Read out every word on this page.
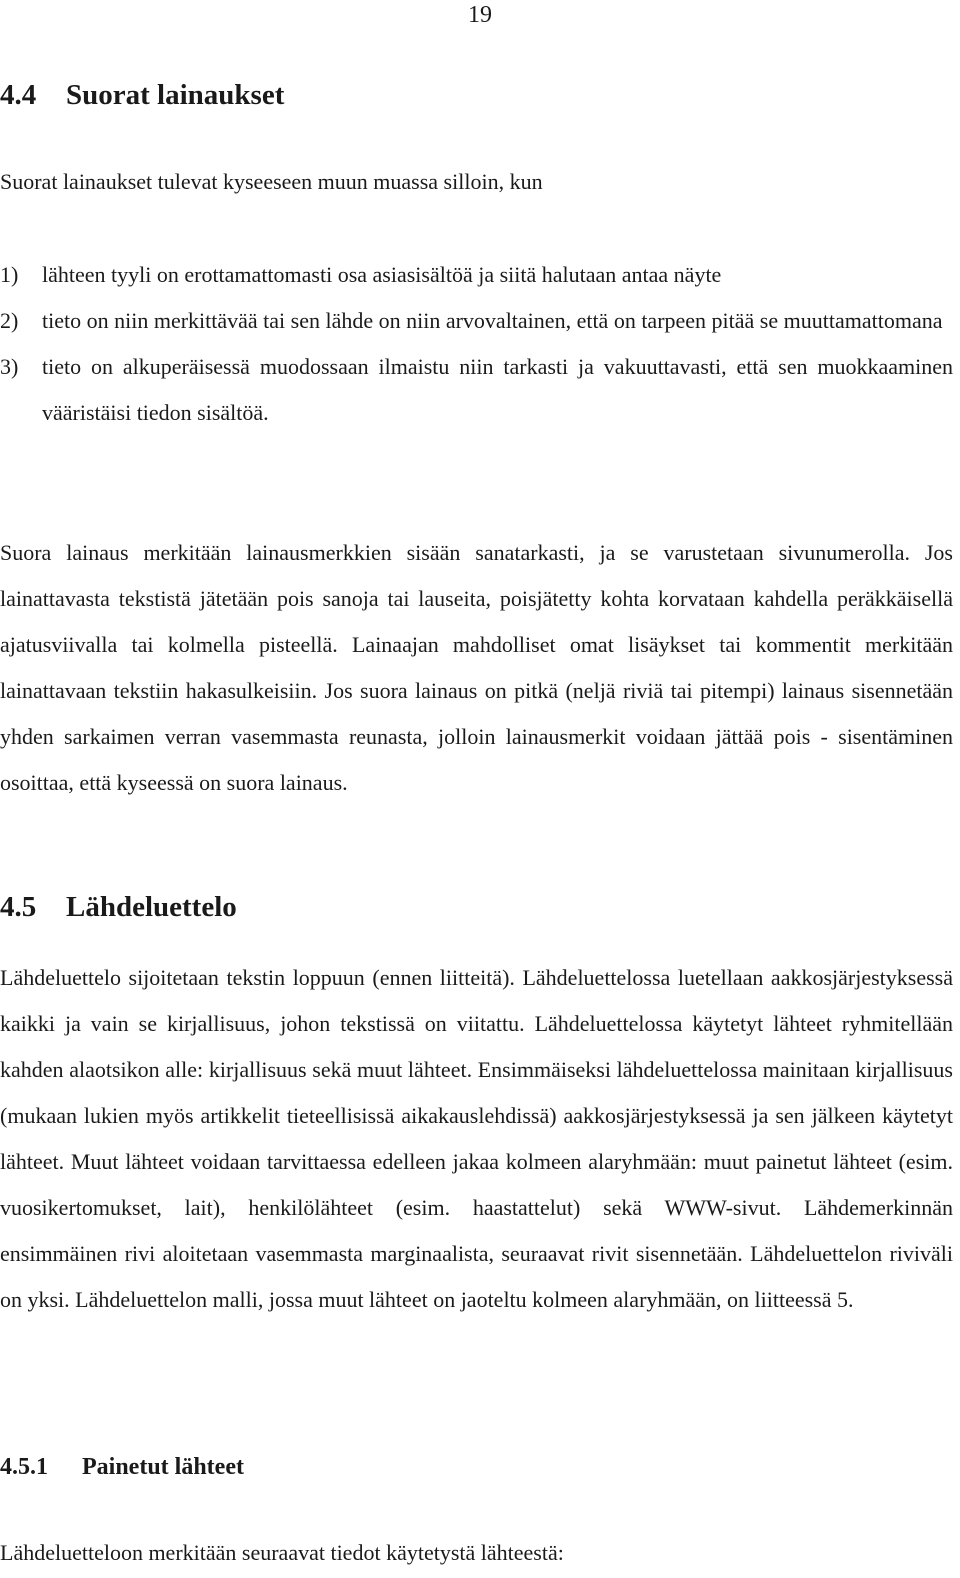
19
4.4 Suorat lainaukset
Suorat lainaukset tulevat kyseeseen muun muassa silloin, kun
1) lähteen tyyli on erottamattomasti osa asiasisältöä ja siitä halutaan antaa näyte
2) tieto on niin merkittävää tai sen lähde on niin arvovaltainen, että on tarpeen pitää se muuttamattomana
3) tieto on alkuperäisessä muodossaan ilmaistu niin tarkasti ja vakuuttavasti, että sen muokkaaminen vääristäisi tiedon sisältöä.
Suora lainaus merkitään lainausmerkkien sisään sanatarkasti, ja se varustetaan sivunumerolla. Jos lainattavasta tekstistä jätetään pois sanoja tai lauseita, poisjätetty kohta korvataan kahdella peräkkäisellä ajatusviivalla tai kolmella pisteellä. Lainaajan mahdolliset omat lisäykset tai kommentit merkitään lainattavaan tekstiin hakasulkeisiin. Jos suora lainaus on pitkä (neljä riviä tai pitempi) lainaus sisennetään yhden sarkaimen verran vasemmasta reunasta, jolloin lainausmerkit voidaan jättää pois - sisentäminen osoittaa, että kyseessä on suora lainaus.
4.5 Lähdeluettelo
Lähdeluettelo sijoitetaan tekstin loppuun (ennen liitteitä). Lähdeluettelossa luetellaan aakkosjärjestyksessä kaikki ja vain se kirjallisuus, johon tekstissä on viitattu. Lähdeluettelossa käytetyt lähteet ryhmitellään kahden alaotsikon alle: kirjallisuus sekä muut lähteet. Ensimmäiseksi lähdeluettelossa mainitaan kirjallisuus (mukaan lukien myös artikkelit tieteellisissä aikakauslehdissä) aakkosjärjestyksessä ja sen jälkeen käytetyt lähteet. Muut lähteet voidaan tarvittaessa edelleen jakaa kolmeen alaryhmään: muut painetut lähteet (esim. vuosikertomukset, lait), henkilölähteet (esim. haastattelut) sekä WWW-sivut. Lähdemerkinnän ensimmäinen rivi aloitetaan vasemmasta marginaalista, seuraavat rivit sisennetään. Lähdeluettelon riviväli on yksi. Lähdeluettelon malli, jossa muut lähteet on jaoteltu kolmeen alaryhmään, on liitteessä 5.
4.5.1 Painetut lähteet
Lähdeluetteloon merkitään seuraavat tiedot käytetystä lähteestä:
